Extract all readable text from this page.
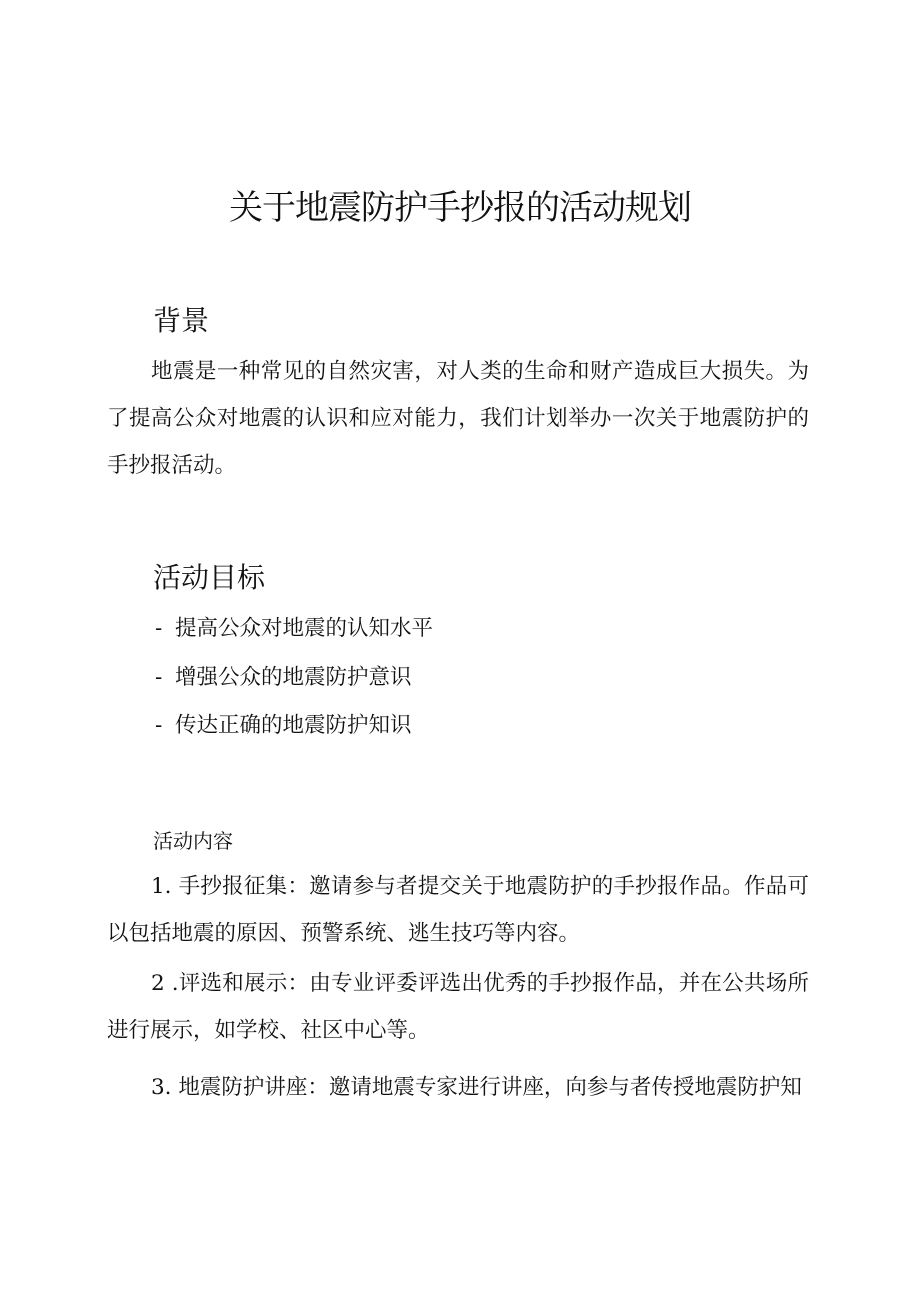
关于地震防护手抄报的活动规划
背景

地震是一种常见的自然灾害，对人类的生命和财产造成巨大损失。为了提高公众对地震的认识和应对能力，我们计划举办一次关于地震防护的手抄报活动。

活动目标

- 提高公众对地震的认知水平

- 增强公众的地震防护意识

- 传达正确的地震防护知识

活动内容

1. 手抄报征集：邀请参与者提交关于地震防护的手抄报作品。作品可以包括地震的原因、预警系统、逃生技巧等内容。

2 .评选和展示：由专业评委评选出优秀的手抄报作品，并在公共场所进行展示，如学校、社区中心等。

3. 地震防护讲座：邀请地震专家进行讲座，向参与者传授地震防护知
